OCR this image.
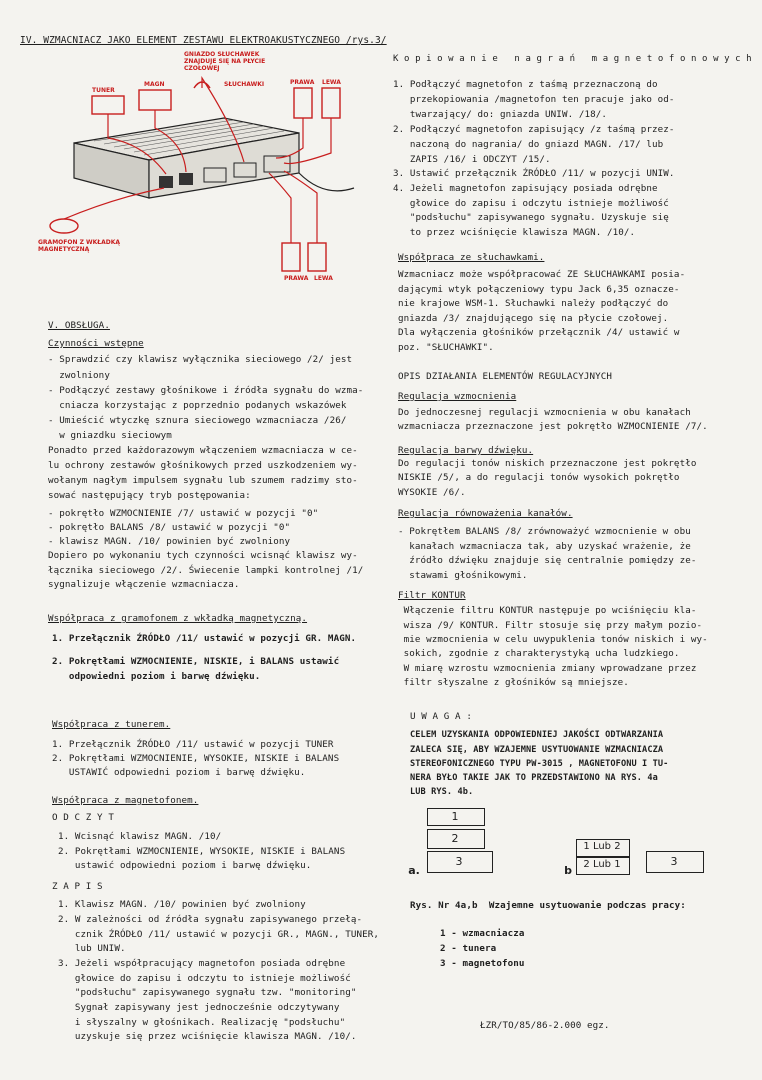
IV. WZMACNIACZ JAKO ELEMENT ZESTAWU ELEKTROAKUSTYCZNEGO /rys.3/
GNIAZDO SŁUCHAWEK
ZNAJDUJE SIĘ NA PŁYCIE
CZOŁOWEJ
TUNER
MAGN	SŁUCHAWKI	PRAWA LEWA
GRAMOFON Z WKŁADKĄ
MAGNETYCZNĄ
PRAWA LEWA
V. OBSŁUGA.
Czynności wstępne
- Sprawdzić czy klawisz wyłącznika sieciowego /2/ jest
zwolniony
- Podłączyć zestawy głośnikowe i źródła sygnału do wzma-
cniacza korzystając z poprzednio podanych wskazówek
- Umieścić wtyczkę sznura sieciowego wzmacniacza /26/
w gniazdku sieciowym
Ponadto przed każdorazowym włączeniem wzmacniacza w ce-
lu ochrony zestawów głośnikowych przed uszkodzeniem wy-
wołanym nagłym impulsem sygnału lub szumem radzimy sto-
sować następujący tryb postępowania:
- pokrętło WZMOCNIENIE /7/ ustawić w pozycji "0"
- pokrętło BALANS /8/ ustawić w pozycji "0"
- klawisz MAGN. /10/ powinien być zwolniony
Dopiero po wykonaniu tych czynności wcisnąć klawisz wy-
łącznika sieciowego /2/. Świecenie lampki kontrolnej /1/
sygnalizuje włączenie wzmacniacza.
Współpraca z gramofonem z wkładką magnetyczną.
1. Przełącznik ŹRÓDŁO /11/ ustawić w pozycji GR. MAGN.
2. Pokrętłami WZMOCNIENIE, NISKIE, i BALANS ustawić
odpowiedni poziom i barwę dźwięku.
Współpraca z tunerem.
1. Przełącznik ŹRÓDŁO /11/ ustawić w pozycji TUNER
2. Pokrętłami WZMOCNIENIE, WYSOKIE, NISKIE i BALANS
USTAWIĆ odpowiedni poziom i barwę dźwięku.
Współpraca z magnetofonem.
O D C Z Y T
1. Wcisnąć klawisz MAGN. /10/
2. Pokrętłami WZMOCNIENIE, WYSOKIE, NISKIE i BALANS
ustawić odpowiedni poziom i barwę dźwięku.
Z A P I S
1. Klawisz MAGN. /10/ powinien być zwolniony
2. W zależności od źródła sygnału zapisywanego przełą-
cznik ŹRÓDŁO /11/ ustawić w pozycji GR., MAGN., TUNER,
lub UNIW.
3. Jeżeli współpracujący magnetofon posiada odrębne
głowice do zapisu i odczytu to istnieje możliwość
"podsłuchu" zapisywanego sygnału tzw. "monitoring"
Sygnał zapisywany jest jednocześnie odczytywany
i słyszalny w głośnikach. Realizację "podsłuchu"
uzyskuje się przez wciśnięcie klawisza MAGN. /10/.
K o p i o w a n i e   n a g r a ń   m a g n e t o f o n o w y c h
1. Podłączyć magnetofon z taśmą przeznaczoną do
przekopiowania /magnetofon ten pracuje jako od-
twarzający/ do: gniazda UNIW. /18/.
2. Podłączyć magnetofon zapisujący /z taśmą przez-
naczoną do nagrania/ do gniazd MAGN. /17/ lub
ZAPIS /16/ i ODCZYT /15/.
3. Ustawić przełącznik ŹRÓDŁO /11/ w pozycji UNIW.
4. Jeżeli magnetofon zapisujący posiada odrębne
głowice do zapisu i odczytu istnieje możliwość
"podsłuchu" zapisywanego sygnału. Uzyskuje się
to przez wciśnięcie klawisza MAGN. /10/.
Współpraca ze słuchawkami.
Wzmacniacz może współpracować ZE SŁUCHAWKAMI posia-
dającymi wtyk połączeniowy typu Jack 6,35 oznacze-
nie krajowe WSM-1. Słuchawki należy podłączyć do
gniazda /3/ znajdującego się na płycie czołowej.
Dla wyłączenia głośników przełącznik /4/ ustawić w
poz. "SŁUCHAWKI".
OPIS DZIAŁANIA ELEMENTÓW REGULACYJNYCH
Regulacja wzmocnienia
Do jednoczesnej regulacji wzmocnienia w obu kanałach
wzmacniacza przeznaczone jest pokrętło WZMOCNIENIE /7/.
Regulacja barwy dźwięku.
Do regulacji tonów niskich przeznaczone jest pokrętło
NISKIE /5/, a do regulacji tonów wysokich pokrętło
WYSOKIE /6/.
Regulacja równoważenia kanałów.
- Pokrętłem BALANS /8/ zrównoważyć wzmocnienie w obu
kanałach wzmacniacza tak, aby uzyskać wrażenie, że
źródło dźwięku znajduje się centralnie pomiędzy ze-
stawami głośnikowymi.
Filtr KONTUR
Włączenie filtru KONTUR następuje po wciśnięciu kla-
wisza /9/ KONTUR. Filtr stosuje się przy małym pozio-
mie wzmocnienia w celu uwypuklenia tonów niskich i wy-
sokich, zgodnie z charakterystyką ucha ludzkiego.
W miarę wzrostu wzmocnienia zmiany wprowadzane przez
filtr słyszalne z głośników są mniejsze.
U W A G A :
CELEM UZYSKANIA ODPOWIEDNIEJ JAKOŚCI ODTWARZANIA
ZALECA SIĘ, ABY WZAJEMNE USYTUOWANIE WZMACNIACZA
STEREOFONICZNEGO TYPU PW-3015 , MAGNETOFONU I TU-
NERA BYŁO TAKIE JAK TO PRZEDSTAWIONO NA RYS. 4a
LUB RYS. 4b.
1
2
3
a.
1 Lub 2
2 Lub 1	3
b
Rys. Nr 4a,b  Wzajemne usytuowanie podczas pracy:
1 - wzmacniacza
2 - tunera
3 - magnetofonu
ŁZR/TO/85/86-2.000 egz.
